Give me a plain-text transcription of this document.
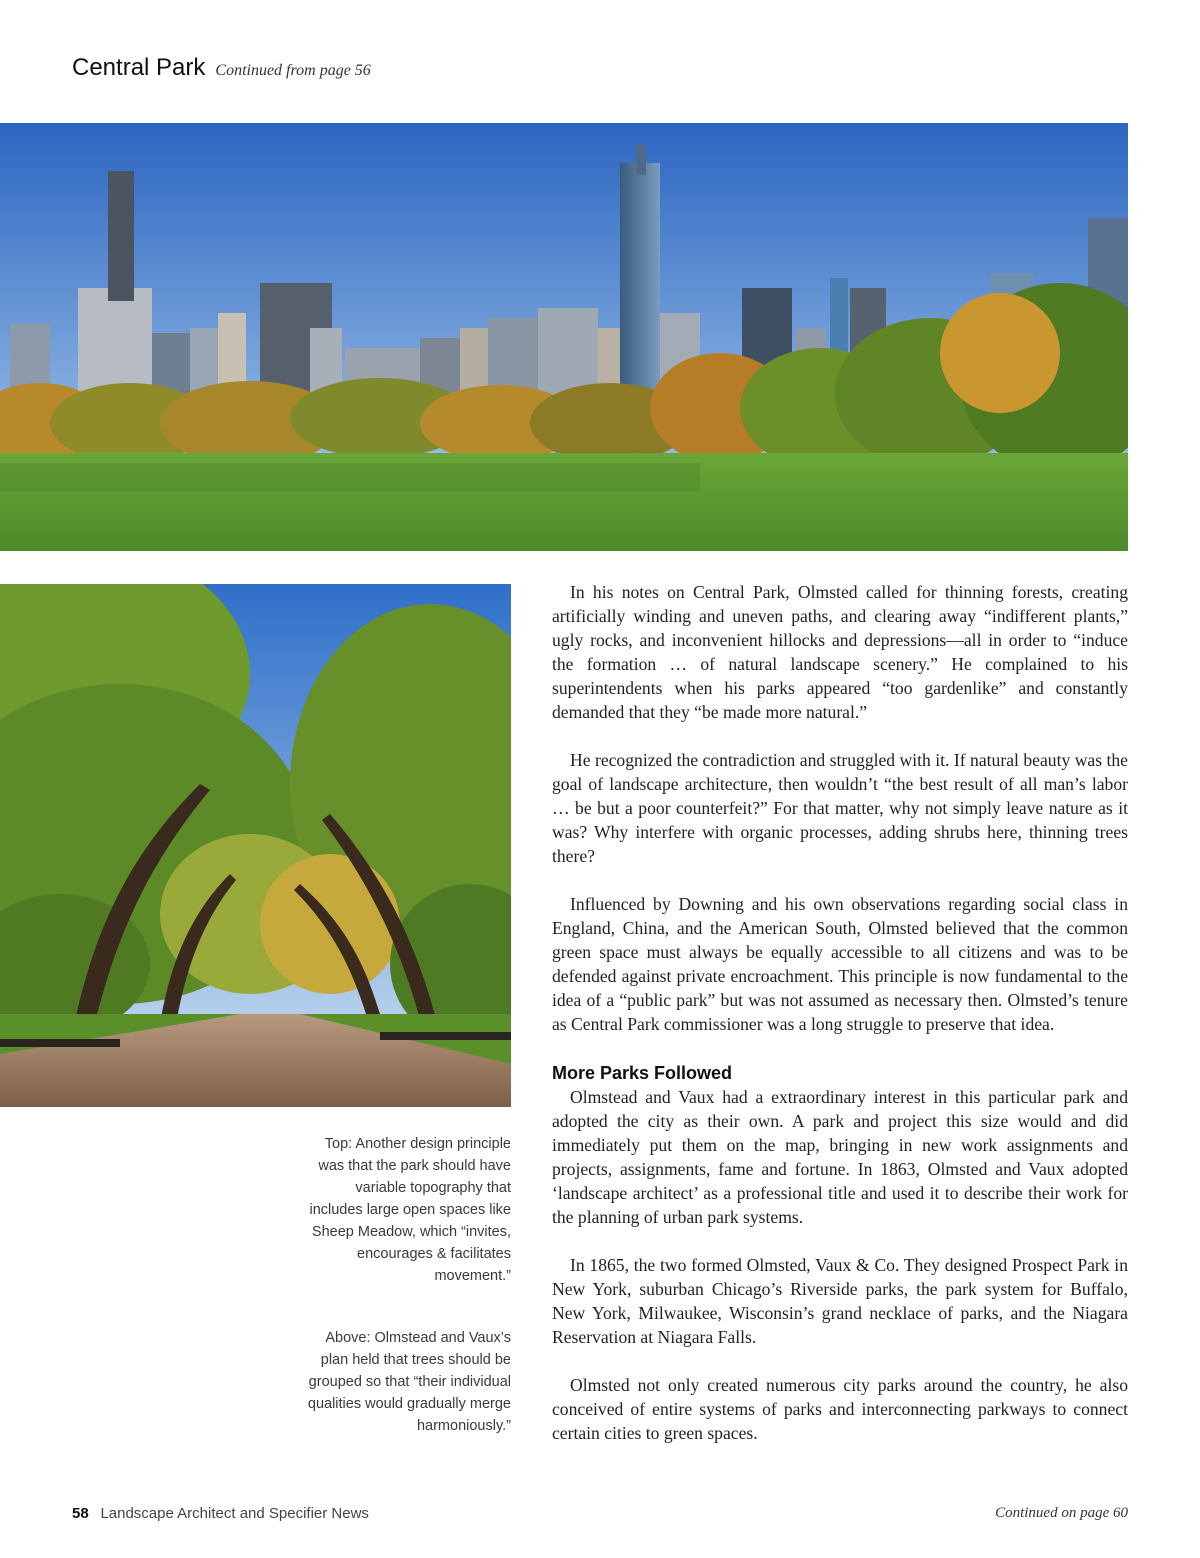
Central Park Continued from page 56

Top: Another design principle was that the park should have variable topography that includes large open spaces like Sheep Meadow, which “invites, encourages & facilitates movement.”

Above: Olmstead and Vaux’s plan held that trees should be grouped so that “their individual qualities would gradually merge harmoniously.”

In his notes on Central Park, Olmsted called for thinning forests, creating artificially winding and uneven paths, and clearing away “indifferent plants,” ugly rocks, and inconvenient hillocks and depressions—all in order to “induce the formation … of natural landscape scenery.” He complained to his superintendents when his parks appeared “too gardenlike” and constantly demanded that they “be made more natural.”

He recognized the contradiction and struggled with it. If natural beauty was the goal of landscape architecture, then wouldn’t “the best result of all man’s labor … be but a poor counterfeit?” For that matter, why not simply leave nature as it was? Why interfere with organic processes, adding shrubs here, thinning trees there?

Influenced by Downing and his own observations regarding social class in England, China, and the American South, Olmsted believed that the common green space must always be equally accessible to all citizens and was to be defended against private encroachment. This principle is now fundamental to the idea of a “public park” but was not assumed as necessary then. Olmsted’s tenure as Central Park commissioner was a long struggle to preserve that idea.

More Parks Followed

Olmstead and Vaux had a extraordinary interest in this particular park and adopted the city as their own. A park and project this size would and did immediately put them on the map, bringing in new work assignments and projects, assignments, fame and fortune. In 1863, Olmsted and Vaux adopted ‘landscape architect’ as a professional title and used it to describe their work for the planning of urban park systems.

In 1865, the two formed Olmsted, Vaux & Co. They designed Prospect Park in New York, suburban Chicago’s Riverside parks, the park system for Buffalo, New York, Milwaukee, Wisconsin’s grand necklace of parks, and the Niagara Reservation at Niagara Falls.

Olmsted not only created numerous city parks around the country, he also conceived of entire systems of parks and interconnecting parkways to connect certain cities to green spaces.

58 Landscape Architect and Specifier News	Continued on page 60
